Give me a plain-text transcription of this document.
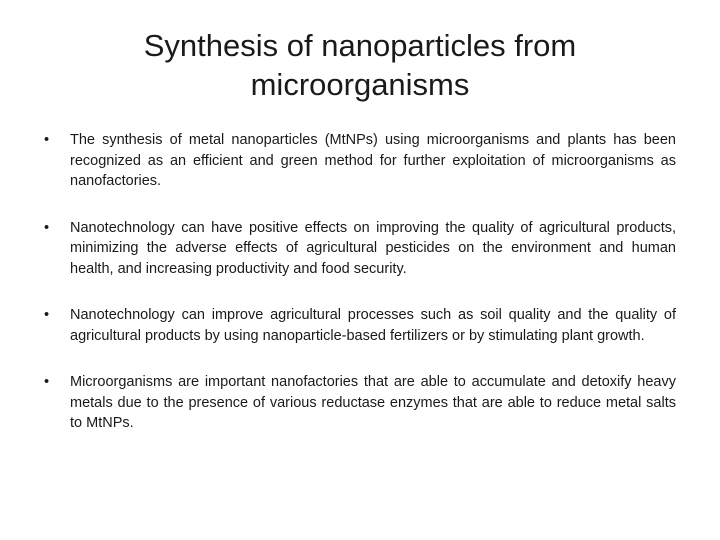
Synthesis of nanoparticles from microorganisms
•	The synthesis of metal nanoparticles (MtNPs) using microorganisms and plants has been recognized as an efficient and green method for further exploitation of microorganisms as nanofactories.
•	Nanotechnology can have positive effects on improving the quality of agricultural products, minimizing the adverse effects of agricultural pesticides on the environment and human health, and increasing productivity and food security.
•	Nanotechnology can improve agricultural processes such as soil quality and the quality of agricultural products by using nanoparticle-based fertilizers or by stimulating plant growth.
•	Microorganisms are important nanofactories that are able to accumulate and detoxify heavy metals due to the presence of various reductase enzymes that are able to reduce metal salts to MtNPs.
